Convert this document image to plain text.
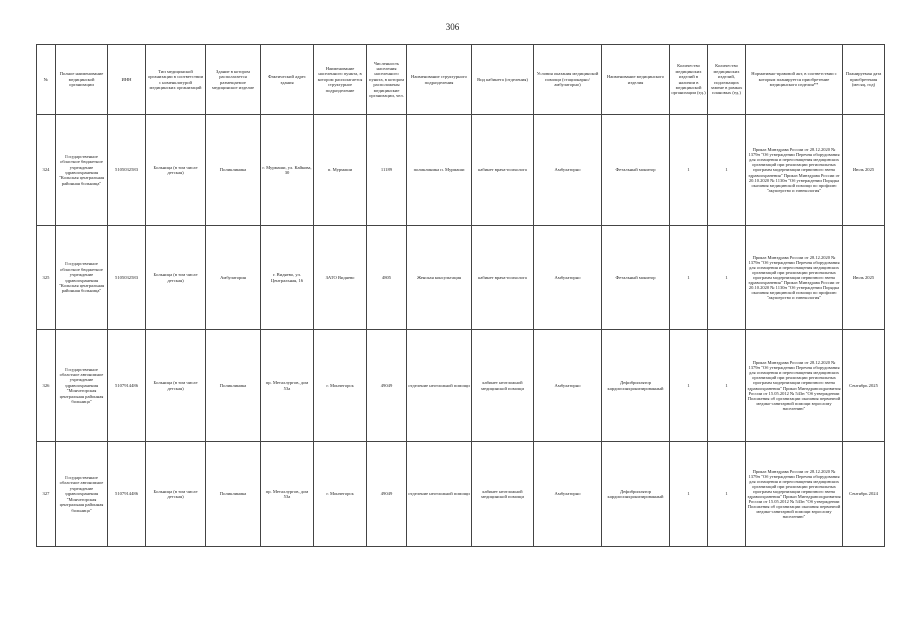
306
№	Полное наименование медицинской организации	ИНН	Тип медицинской организации в соответствии с номенклатурой медицинских организаций	Здание в котором располагается размещаемое медицинское изделие	Фактический адрес здания	Наименование населенного пункта, в котором располагается структурное подразделение	Численность населения населенного пункта, в котором расположены медицинские организации, чел.	Наименование структурного подразделения	Вид кабинета (отделения)	Условия оказания медицинской помощи (стационарно/ амбулаторно)	Наименование медицинского изделия	Количество медицинских изделий в наличии в медицинской организации (ед.)	Количество медицинских изделий, подлежащих замене в рамках плановых (ед.)	Нормативно-правовой акт, в соответствии с которым планируется приобретение медицинского изделия**	Планируемая дата приобретения (месяц, год)
324	Государственное областное бюджетное учреждение здравоохранения "Кольская центральная районная больница"	5105032583	Больница (в том числе детская)	Поликлиника	г. Мурмаши, ул. Кайкова, 30	п. Мурмаши	11189	поликлиника п. Мурмаши	кабинет врача-психолога	Амбулаторно	Фетальный монитор	1	1	Приказ Минздрава России от 28.12.2020 № 1379н "Об утверждении Перечня оборудования для оснащения и переоснащения медицинских организаций при реализации региональных программ модернизации первичного звена здравоохранения" Приказ Минздрава России от 20.10.2020 № 1130н "Об утверждении Порядка оказания медицинской помощи по профилю "акушерство и гинекология"	Июль 2025
325	Государственное областное бюджетное учреждение здравоохранения "Кольская центральная районная больница"	5105032583	Больница (в том числе детская)	Амбулатория	г. Видяево, ул. Центральная, 16	ЗАТО Видяево	4805	Женская консультация	кабинет врача-психолога	Амбулаторно	Фетальный монитор	1	1	Приказ Минздрава России от 28.12.2020 № 1379н "Об утверждении Перечня оборудования для оснащения и переоснащения медицинских организаций при реализации региональных программ модернизации первичного звена здравоохранения" Приказ Минздрава России от 20.10.2020 № 1130н "Об утверждении Порядка оказания медицинской помощи по профилю "акушерство и гинекология"	Июль 2025
326	Государственное областное автономное учреждение здравоохранения "Мончегорская центральная районная больница"	5107914486	Больница (в том числе детская)	Поликлиника	пр. Металлургов, дом 53а	г. Мончегорск	49049	отделение неотложной помощи	кабинет неотложной медицинской помощи	Амбулаторно	Дефибриллятор кардиосинхронизированный	1	1	Приказ Минздрава России от 28.12.2020 № 1379н "Об утверждении Перечня оборудования для оснащения и переоснащения медицинских организаций при реализации региональных программ модернизации первичного звена здравоохранения" Приказ Минздравсоцразвития России от 15.05.2012 № 543н "Об утверждении Положения об организации оказания первичной медико-санитарной помощи взрослому населению"	Сентябрь 2025
327	Государственное областное автономное учреждение здравоохранения "Мончегорская центральная районная больница"	5107914486	Больница (в том числе детская)	Поликлиника	пр. Металлургов, дом 53а	г. Мончегорск	49049	отделение неотложной помощи	кабинет неотложной медицинской помощи	Амбулаторно	Дефибриллятор кардиосинхронизированный	1	1	Приказ Минздрава России от 28.12.2020 № 1379н "Об утверждении Перечня оборудования для оснащения и переоснащения медицинских организаций при реализации региональных программ модернизации первичного звена здравоохранения" Приказ Минздравсоцразвития России от 15.05.2012 № 543н "Об утверждении Положения об организации оказания первичной медико-санитарной помощи взрослому населению"	Сентябрь 2024
